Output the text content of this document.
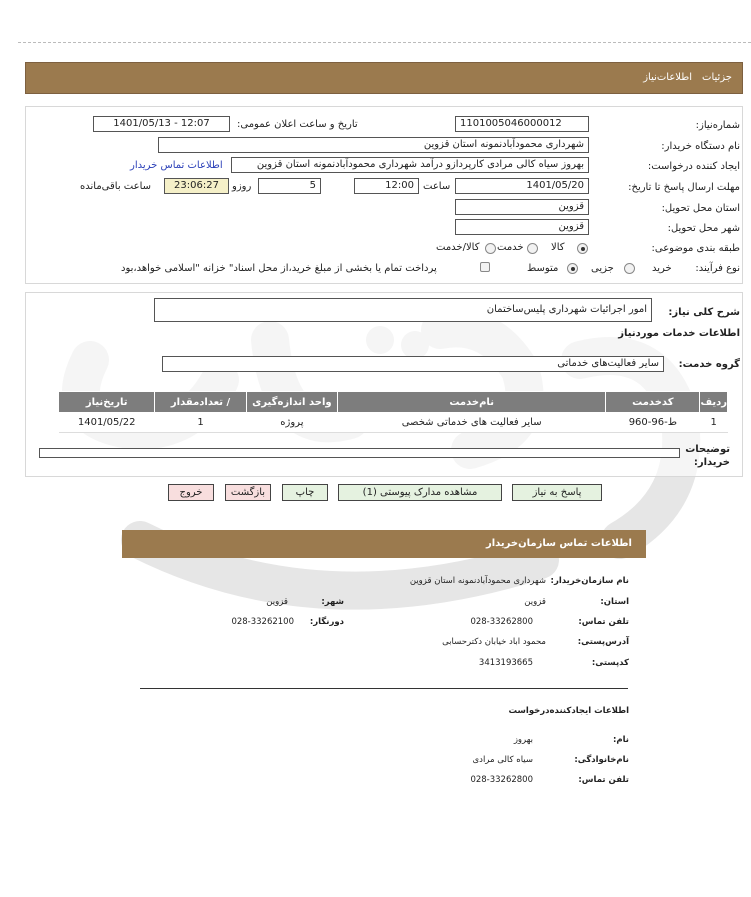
جزئیات
اطلاعات‌نیاز
شماره‌نیاز:
1101005046000012
تاریخ و ساعت اعلان عمومی:
1401/05/13 - 12:07
نام دستگاه خریدار:
شهرداری محمودآبادنمونه استان قزوین
ایجاد کننده درخواست:
بهروز سیاه کالی مرادی کارپردازو درآمد شهرداری محمودآبادنمونه استان قزوین
اطلاعات تماس خریدار
مهلت ارسال پاسخ تا تاریخ:
1401/05/20
ساعت
12:00
5
روزو
23:06:27
ساعت باقی‌مانده
استان محل تحویل:
قزوین
شهر محل تحویل:
قزوین
طبقه بندی موضوعی:
کالا
خدمت
کالا/خدمت
نوع فرآیند:
خرید
جزیی
متوسط
پرداخت تمام یا بخشی از مبلغ خرید،از محل اسناد" خزانه "اسلامی خواهد،بود
شرح کلی نیاز:
امور اجرائیات شهرداری پلیس‌ساختمان
اطلاعات خدمات موردنیاز
گروه خدمت:
سایر فعالیت‌های خدماتی
ردیف	کدخدمت	نام‌خدمت	واحد اندازه‌گیری	/ تعدادمقدار	تاریخ‌نیاز
1	ط-96-960	سایر فعالیت های خدماتی شخصی	پروژه	1	1401/05/22
توضیحات خریدار:
پاسخ به نیاز
مشاهده مدارک پیوستی (1)
چاپ
بازگشت
خروج
اطلاعات تماس سازمان‌خریدار
نام سازمان‌خریدار:
شهرداری محمودآبادنمونه استان قزوین
استان:
قزوین
شهر:
قزوین
تلفن تماس:
028-33262800
دورنگار:
028-33262100
آدرس‌پستی:
محمود اباد خیابان دکترحسابی
کدپستی:
3413193665
اطلاعات ایجادکننده‌درخواست
نام:
بهروز
نام‌خانوادگی:
سیاه کالی مرادی
تلفن تماس:
028-33262800
